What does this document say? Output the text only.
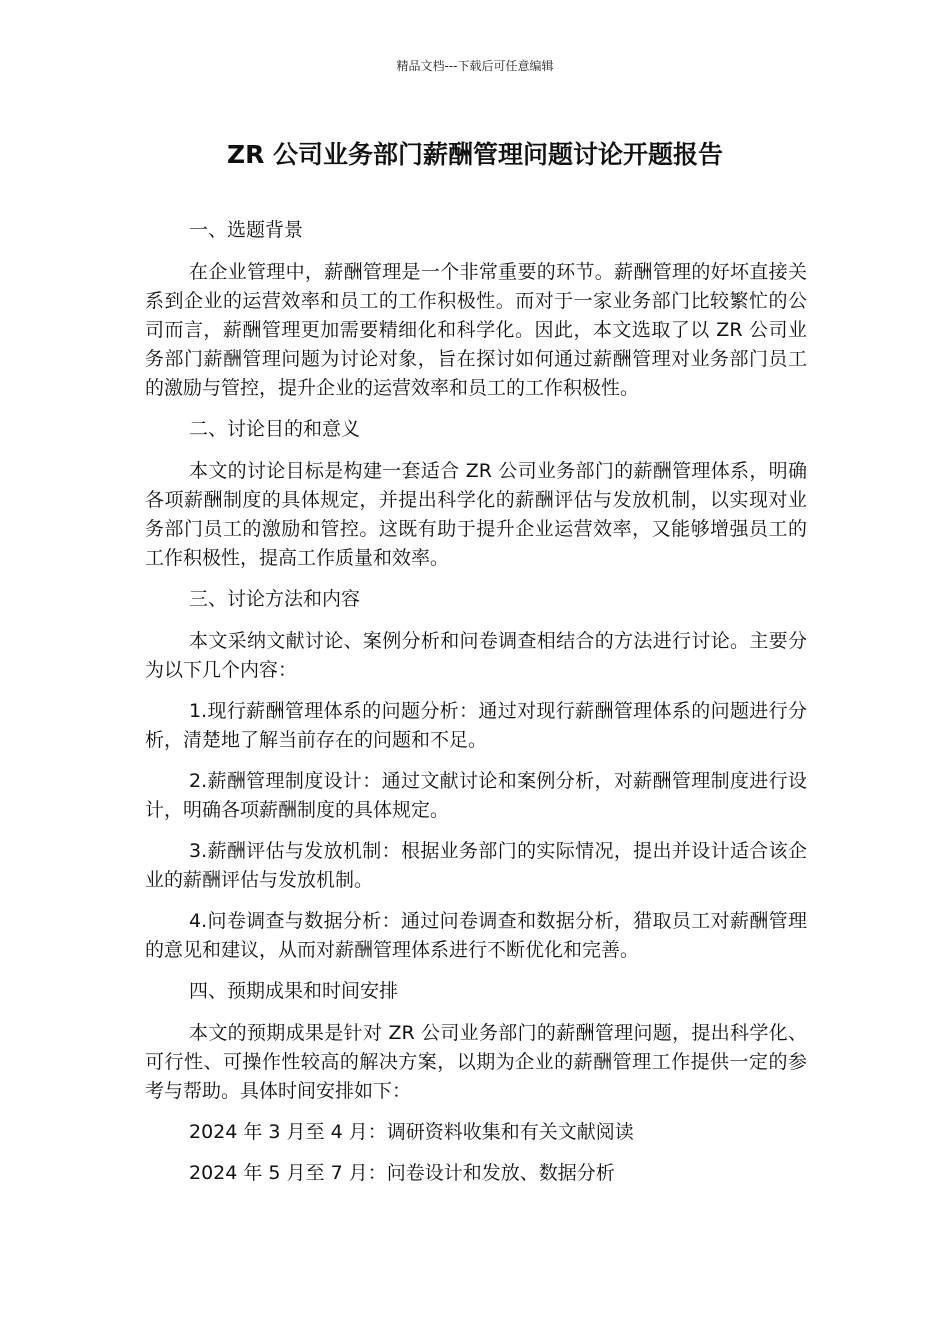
精品文档---下载后可任意编辑
ZR 公司业务部门薪酬管理问题讨论开题报告

一、选题背景

在企业管理中，薪酬管理是一个非常重要的环节。薪酬管理的好坏直接关系到企业的运营效率和员工的工作积极性。而对于一家业务部门比较繁忙的公司而言，薪酬管理更加需要精细化和科学化。因此，本文选取了以 ZR 公司业务部门薪酬管理问题为讨论对象，旨在探讨如何通过薪酬管理对业务部门员工的激励与管控，提升企业的运营效率和员工的工作积极性。

二、讨论目的和意义

本文的讨论目标是构建一套适合 ZR 公司业务部门的薪酬管理体系，明确各项薪酬制度的具体规定，并提出科学化的薪酬评估与发放机制，以实现对业务部门员工的激励和管控。这既有助于提升企业运营效率，又能够增强员工的工作积极性，提高工作质量和效率。

三、讨论方法和内容

本文采纳文献讨论、案例分析和问卷调查相结合的方法进行讨论。主要分为以下几个内容：

1.现行薪酬管理体系的问题分析：通过对现行薪酬管理体系的问题进行分析，清楚地了解当前存在的问题和不足。

2.薪酬管理制度设计：通过文献讨论和案例分析，对薪酬管理制度进行设计，明确各项薪酬制度的具体规定。

3.薪酬评估与发放机制：根据业务部门的实际情况，提出并设计适合该企业的薪酬评估与发放机制。

4.问卷调查与数据分析：通过问卷调查和数据分析，猎取员工对薪酬管理的意见和建议，从而对薪酬管理体系进行不断优化和完善。

四、预期成果和时间安排

本文的预期成果是针对 ZR 公司业务部门的薪酬管理问题，提出科学化、可行性、可操作性较高的解决方案，以期为企业的薪酬管理工作提供一定的参考与帮助。具体时间安排如下：

2024 年 3 月至 4 月：调研资料收集和有关文献阅读

2024 年 5 月至 7 月：问卷设计和发放、数据分析
